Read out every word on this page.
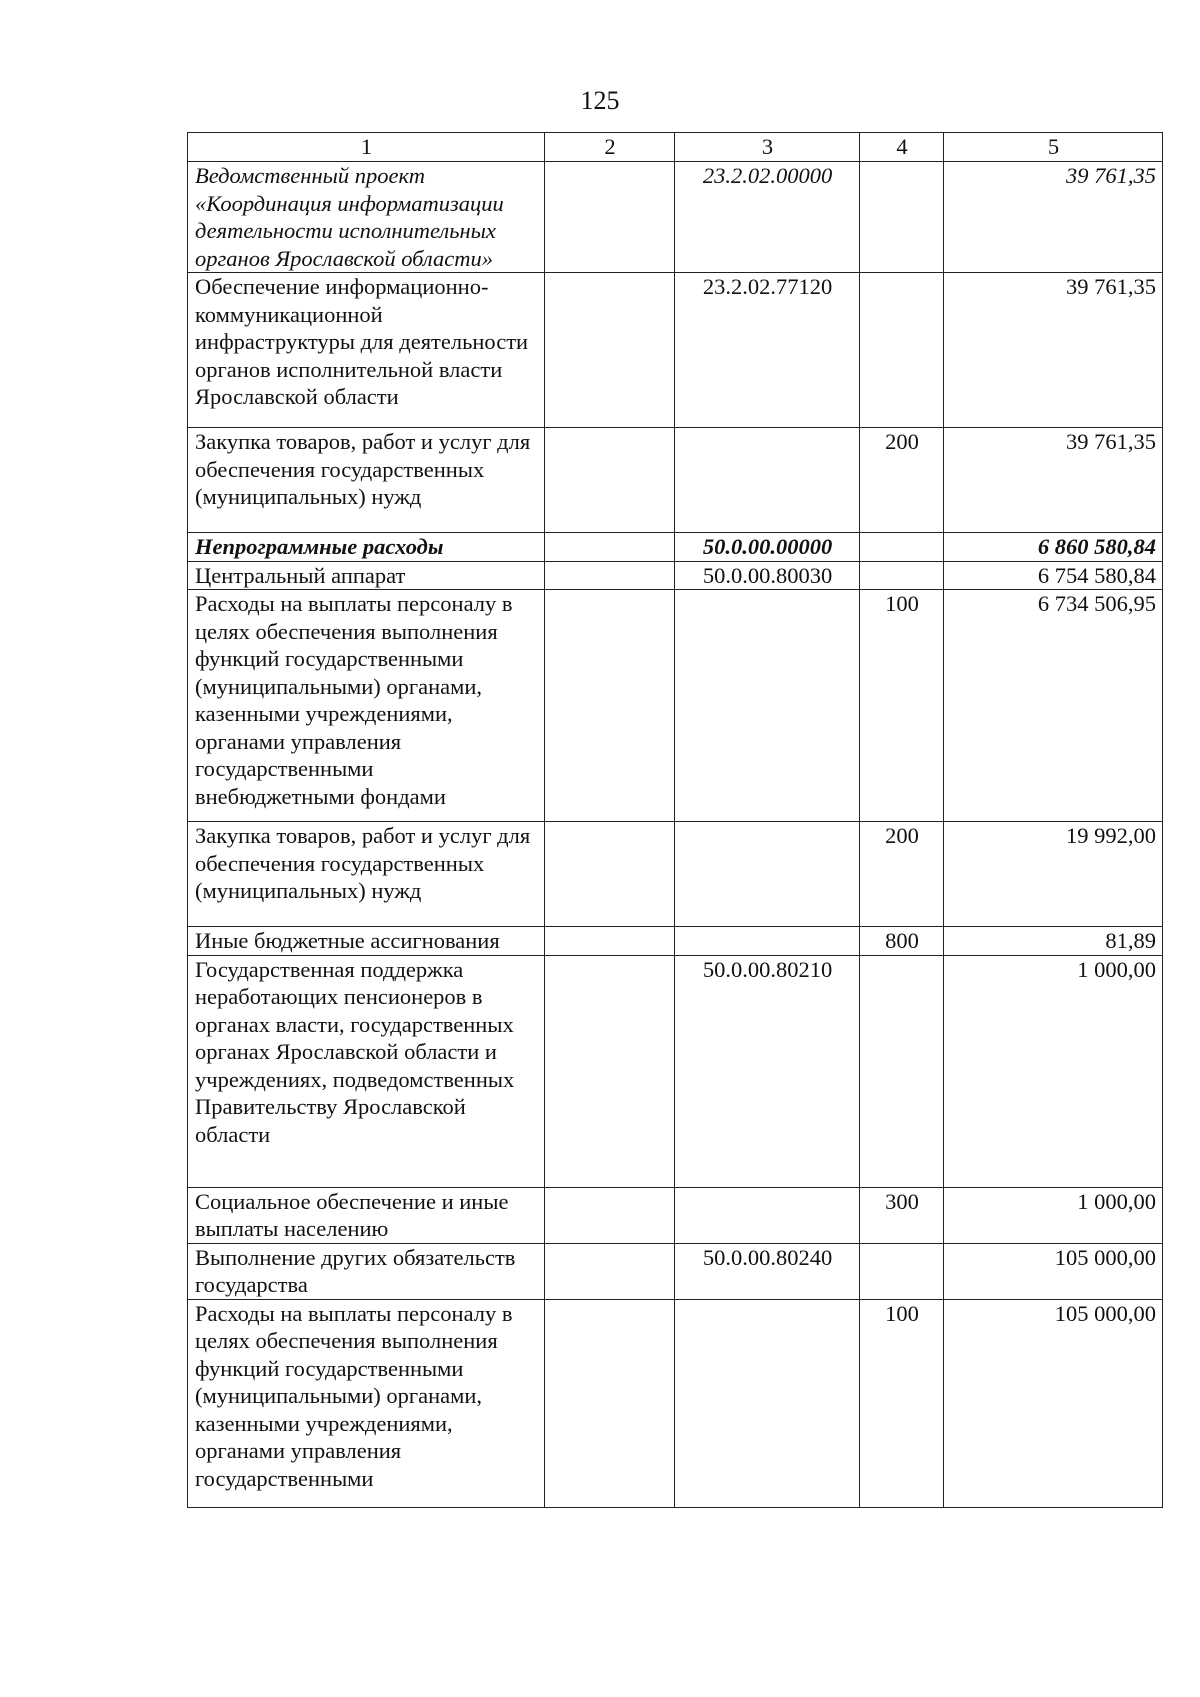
125
1	2	3	4	5
Ведомственный проект «Координация информатизации деятельности исполнительных органов Ярославской области»		23.2.02.00000		39 761,35
Обеспечение информационно-коммуникационной инфраструктуры для деятельности органов исполнительной власти Ярославской области		23.2.02.77120		39 761,35
Закупка товаров, работ и услуг для обеспечения государственных (муниципальных) нужд			200	39 761,35
Непрограммные расходы		50.0.00.00000		6 860 580,84
Центральный аппарат		50.0.00.80030		6 754 580,84
Расходы на выплаты персоналу в целях обеспечения выполнения функций государственными (муниципальными) органами, казенными учреждениями, органами управления государственными внебюджетными фондами			100	6 734 506,95
Закупка товаров, работ и услуг для обеспечения государственных (муниципальных) нужд			200	19 992,00
Иные бюджетные ассигнования			800	81,89
Государственная поддержка неработающих пенсионеров в органах власти, государственных органах Ярославской области и учреждениях, подведомственных Правительству Ярославской области		50.0.00.80210		1 000,00
Социальное обеспечение и иные выплаты населению			300	1 000,00
Выполнение других обязательств государства		50.0.00.80240		105 000,00
Расходы на выплаты персоналу в целях обеспечения выполнения функций государственными (муниципальными) органами, казенными учреждениями, органами управления государственными			100	105 000,00
